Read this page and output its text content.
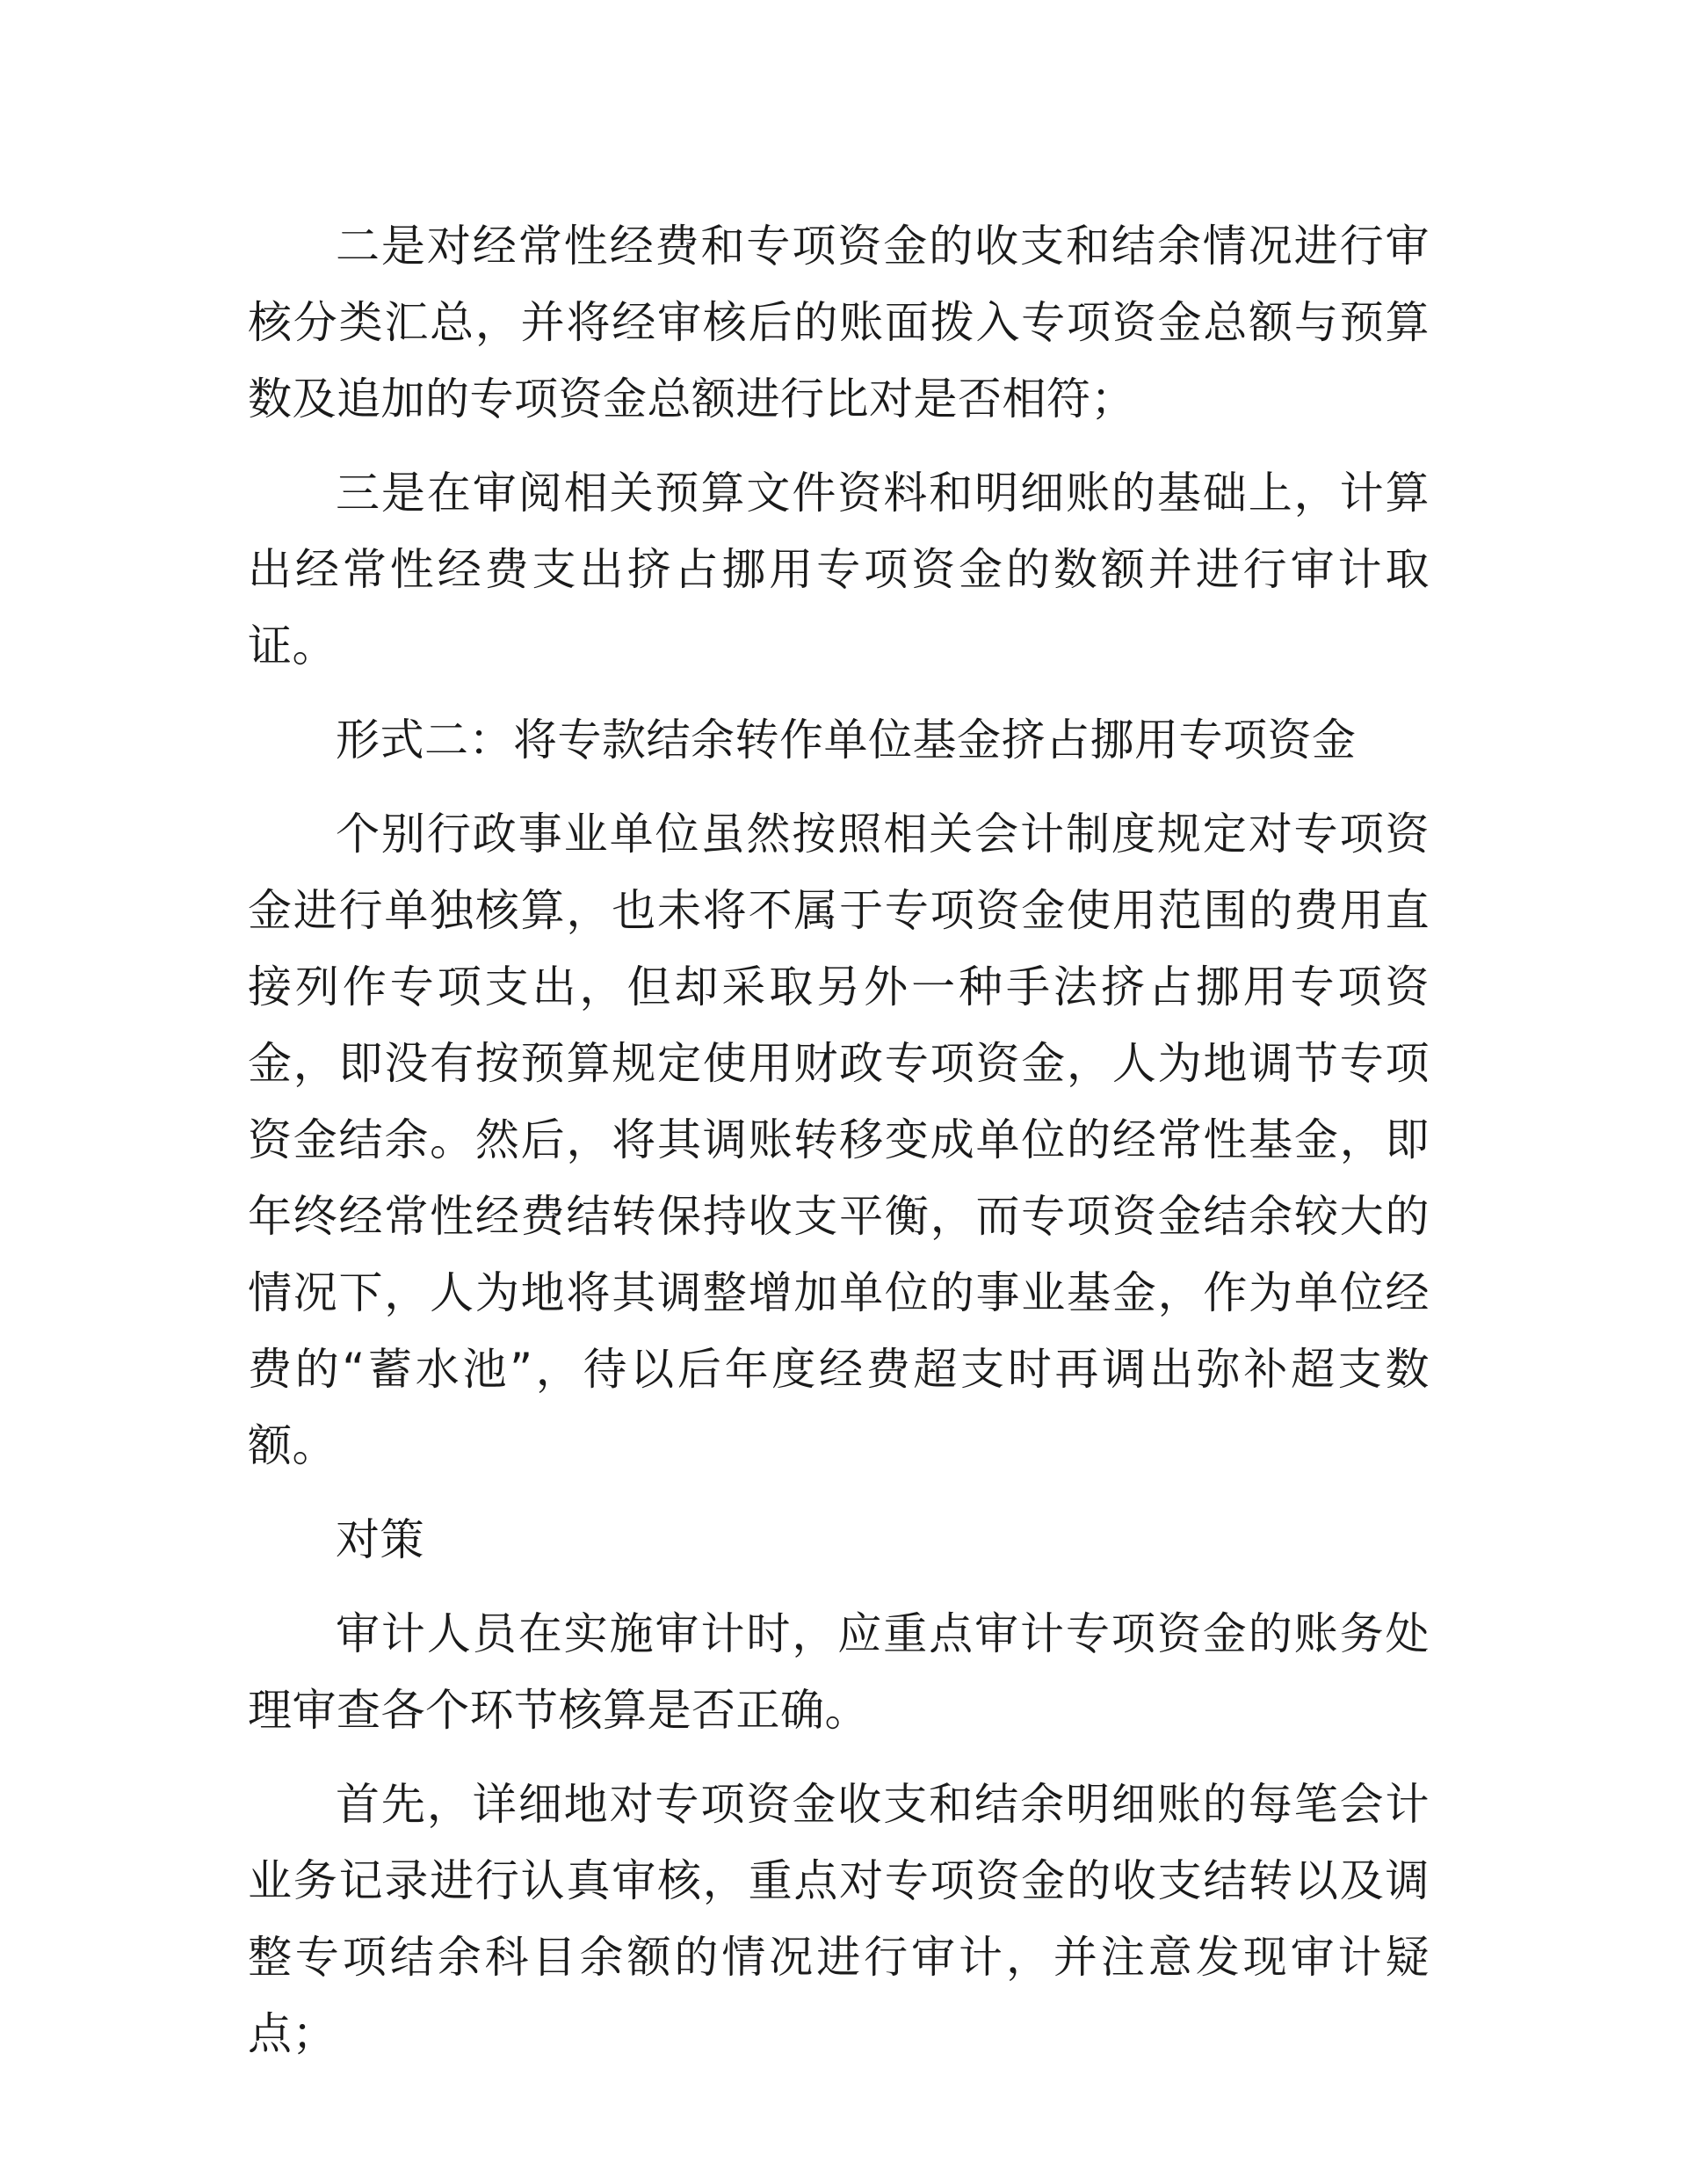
二是对经常性经费和专项资金的收支和结余情况进行审核分类汇总，并将经审核后的账面拨入专项资金总额与预算数及追加的专项资金总额进行比对是否相符；

三是在审阅相关预算文件资料和明细账的基础上，计算出经常性经费支出挤占挪用专项资金的数额并进行审计取证。

形式二：将专款结余转作单位基金挤占挪用专项资金

个别行政事业单位虽然按照相关会计制度规定对专项资金进行单独核算，也未将不属于专项资金使用范围的费用直接列作专项支出，但却采取另外一种手法挤占挪用专项资金，即没有按预算规定使用财政专项资金，人为地调节专项资金结余。然后，将其调账转移变成单位的经常性基金，即年终经常性经费结转保持收支平衡，而专项资金结余较大的情况下，人为地将其调整增加单位的事业基金，作为单位经费的“蓄水池”，待以后年度经费超支时再调出弥补超支数额。

对策

审计人员在实施审计时，应重点审计专项资金的账务处理审查各个环节核算是否正确。

首先，详细地对专项资金收支和结余明细账的每笔会计业务记录进行认真审核，重点对专项资金的收支结转以及调整专项结余科目余额的情况进行审计，并注意发现审计疑点；
